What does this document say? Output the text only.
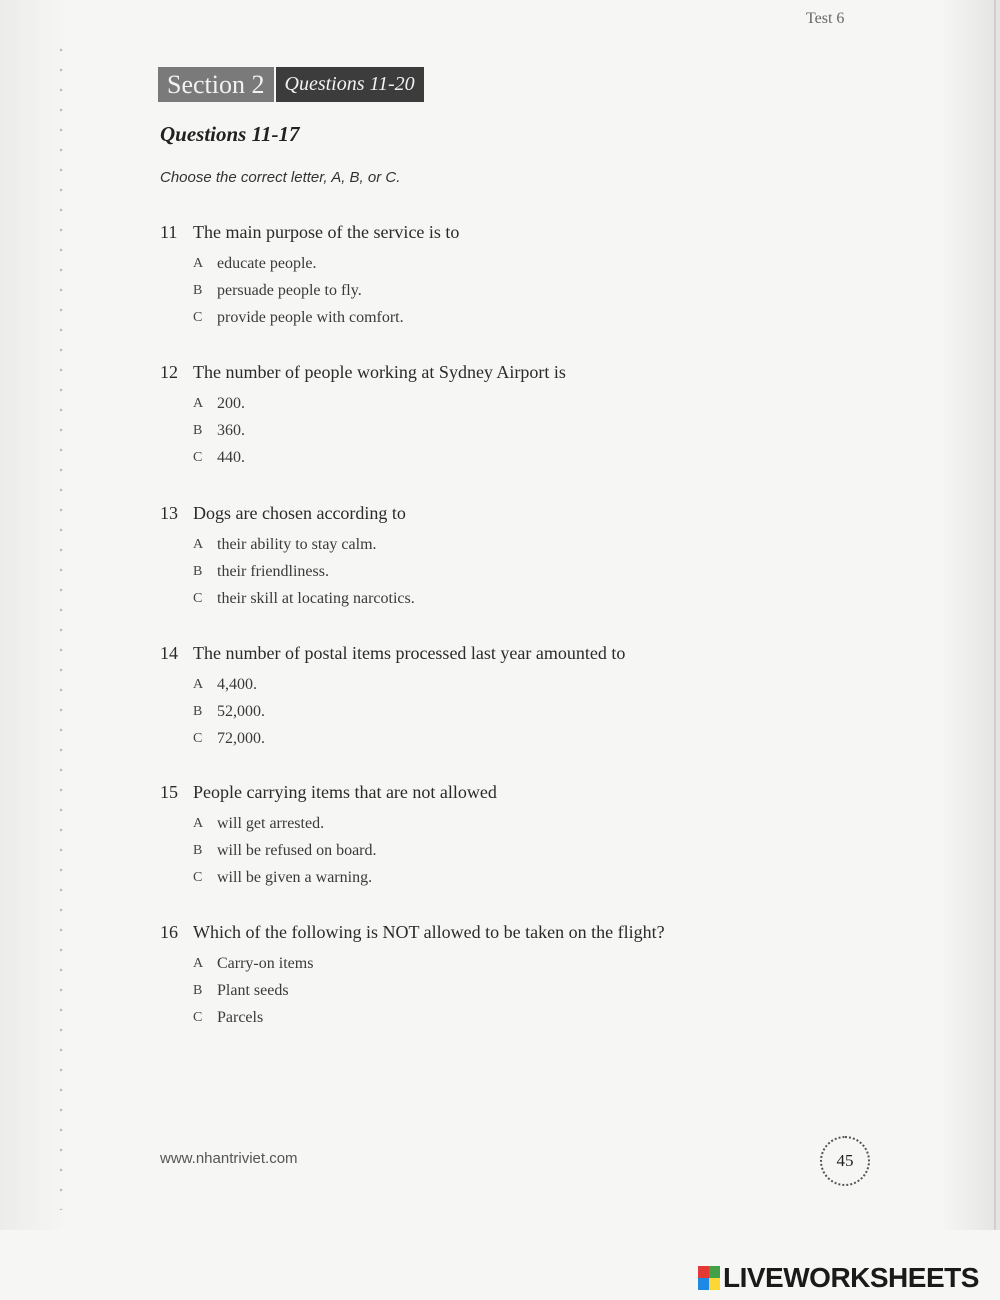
Test 6
Section 2	Questions 11-20
Questions 11-17
Choose the correct letter, A, B, or C.
11 The main purpose of the service is to
A educate people.
B persuade people to fly.
C provide people with comfort.
12 The number of people working at Sydney Airport is
A 200.
B 360.
C 440.
13 Dogs are chosen according to
A their ability to stay calm.
B their friendliness.
C their skill at locating narcotics.
14 The number of postal items processed last year amounted to
A 4,400.
B 52,000.
C 72,000.
15 People carrying items that are not allowed
A will get arrested.
B will be refused on board.
C will be given a warning.
16 Which of the following is NOT allowed to be taken on the flight?
A Carry-on items
B Plant seeds
C Parcels
www.nhantriviet.com	45
LIVEWORKSHEETS
